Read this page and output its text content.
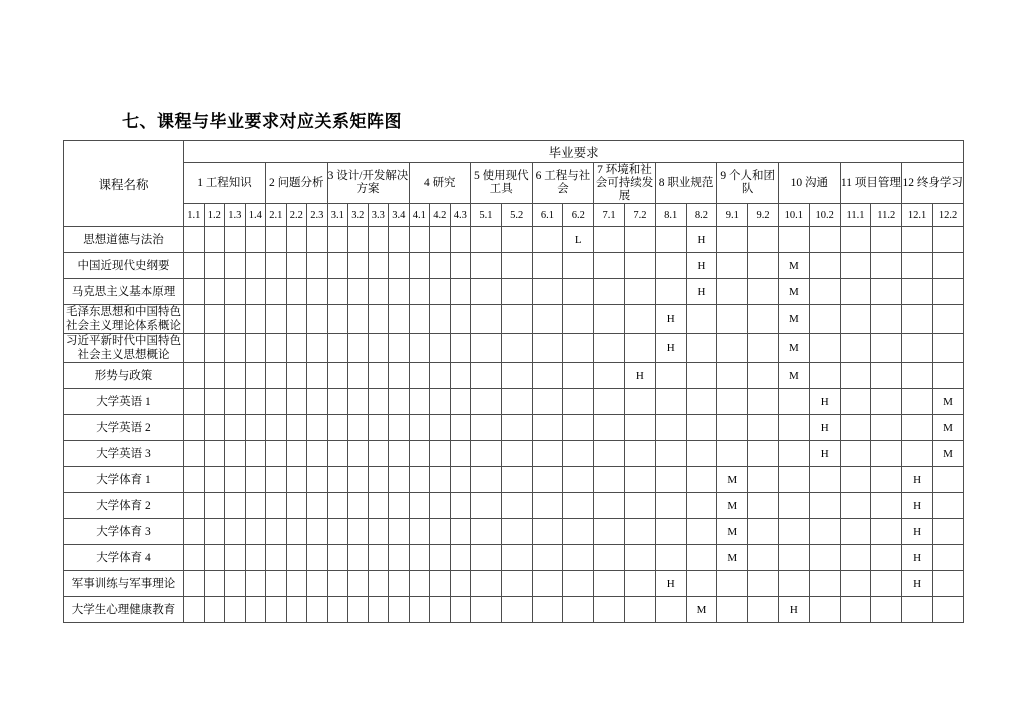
七、课程与毕业要求对应关系矩阵图
课程名称	毕业要求																													
	1 工程知识				2 问题分析			3 设计/开发解决方案				4 研究			5 使用现代工具		6 工程与社会		7 环境和社会可持续发展		8 职业规范		9 个人和团队		10 沟通		11 项目管理		12 终身学习	
	1.1	1.2	1.3	1.4	2.1	2.2	2.3	3.1	3.2	3.3	3.4	4.1	4.2	4.3	5.1	5.2	6.1	6.2	7.1	7.2	8.1	8.2	9.1	9.2	10.1	10.2	11.1	11.2	12.1	12.2
思想道德与法治																		L				H								
中国近现代史纲要																						H			M					
马克思主义基本原理																						H			M					
毛泽东思想和中国特色社会主义理论体系概论																					H				M					
习近平新时代中国特色社会主义思想概论																					H				M					
形势与政策																				H					M					
大学英语 1																										H				M
大学英语 2																										H				M
大学英语 3																										H				M
大学体育 1																							M						H	
大学体育 2																							M						H	
大学体育 3																							M						H	
大学体育 4																							M						H	
军事训练与军事理论																					H								H	
大学生心理健康教育																						M			H					
